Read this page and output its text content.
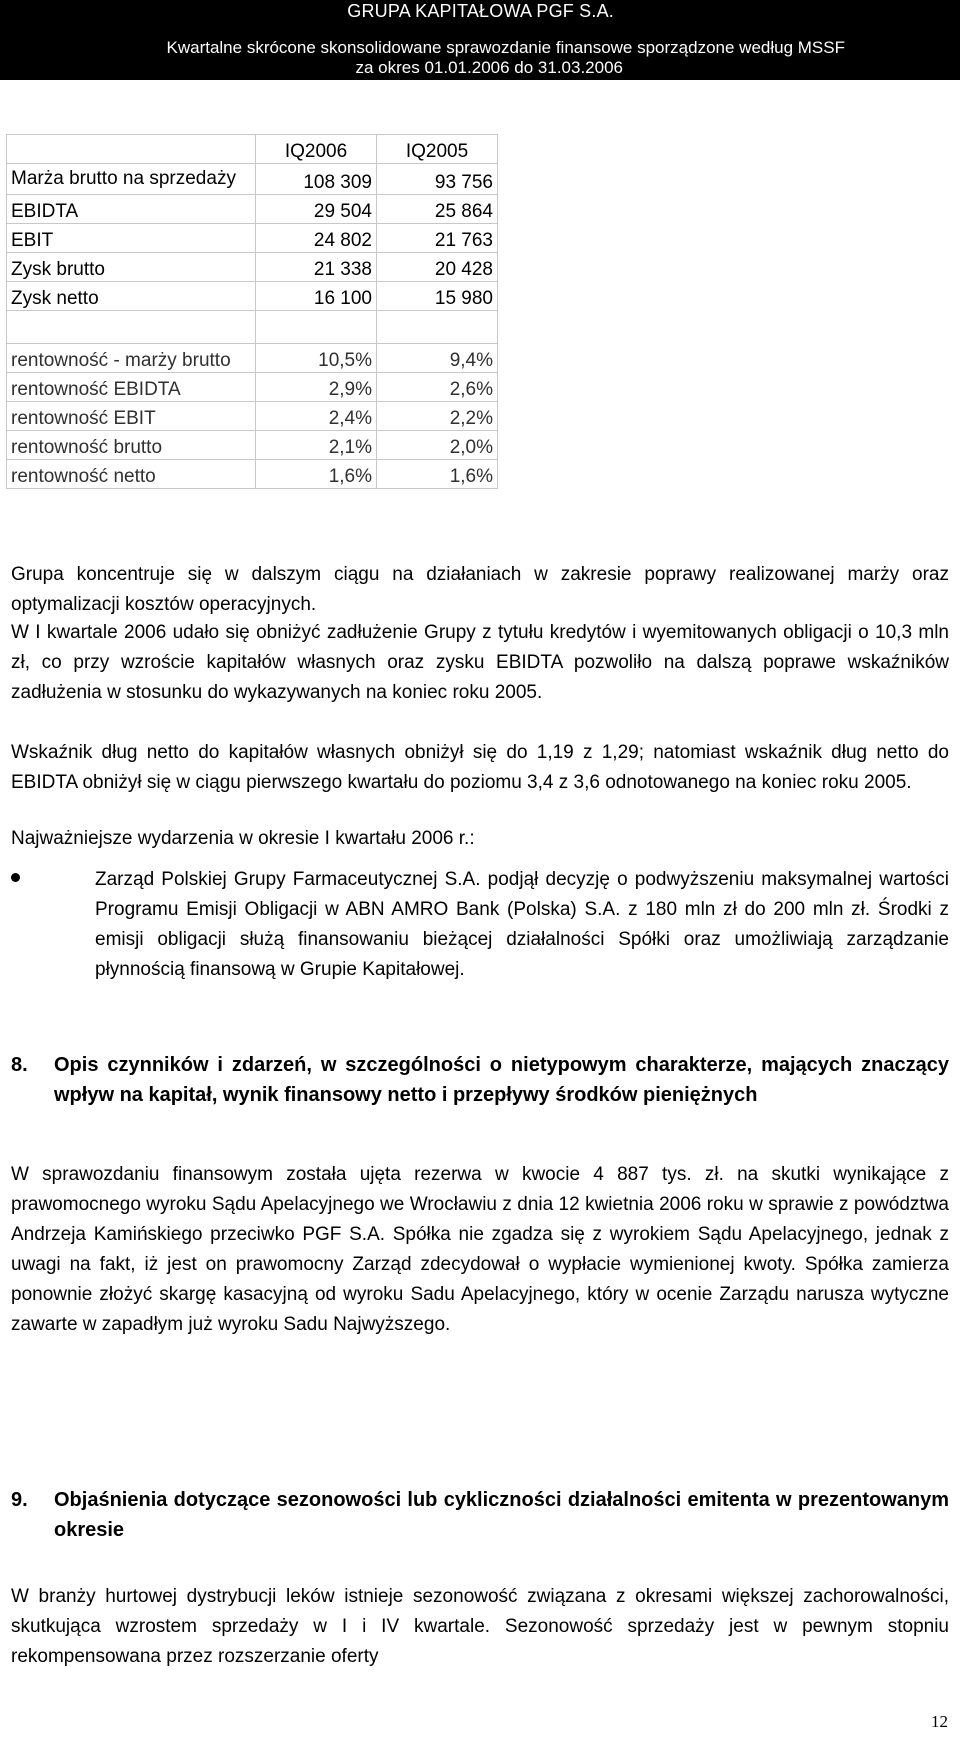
GRUPA KAPITAŁOWA PGF S.A.
Kwartalne skrócone skonsolidowane sprawozdanie finansowe sporządzone według MSSF
za okres 01.01.2006 do 31.03.2006
	IQ2006	IQ2005
Marża brutto na sprzedaży	108 309	93 756
EBIDTA	29 504	25 864
EBIT	24 802	21 763
Zysk brutto	21 338	20 428
Zysk netto	16 100	15 980

rentowność - marży brutto	10,5%	9,4%
rentowność EBIDTA	2,9%	2,6%
rentowność EBIT	2,4%	2,2%
rentowność brutto	2,1%	2,0%
rentowność netto	1,6%	1,6%
Grupa koncentruje się w dalszym ciągu na działaniach w zakresie poprawy realizowanej marży oraz optymalizacji kosztów operacyjnych.
W I kwartale 2006 udało się obniżyć zadłużenie Grupy z tytułu kredytów i wyemitowanych obligacji o 10,3 mln zł, co przy wzroście kapitałów własnych oraz zysku EBIDTA pozwoliło na dalszą poprawe wskaźników zadłużenia w stosunku do wykazywanych na koniec roku 2005.
Wskaźnik dług netto do kapitałów własnych obniżył się do 1,19 z 1,29; natomiast wskaźnik dług netto do EBIDTA obniżył się w ciągu pierwszego kwartału do poziomu 3,4 z 3,6 odnotowanego na koniec roku 2005.
Najważniejsze wydarzenia w okresie I kwartału 2006 r.:
Zarząd Polskiej Grupy Farmaceutycznej S.A. podjął decyzję o podwyższeniu maksymalnej wartości Programu Emisji Obligacji w ABN AMRO Bank (Polska) S.A. z 180 mln zł do 200 mln zł. Środki z emisji obligacji służą finansowaniu bieżącej działalności Spółki oraz umożliwiają zarządzanie płynnością finansową w Grupie Kapitałowej.
8. Opis czynników i zdarzeń, w szczególności o nietypowym charakterze, mających znaczący wpływ na kapitał, wynik finansowy netto i przepływy środków pieniężnych
W sprawozdaniu finansowym została ujęta rezerwa w kwocie 4 887 tys. zł. na skutki wynikające z prawomocnego wyroku Sądu Apelacyjnego we Wrocławiu z dnia 12 kwietnia 2006 roku w sprawie z powództwa Andrzeja Kamińskiego przeciwko PGF S.A. Spółka nie zgadza się z wyrokiem Sądu Apelacyjnego, jednak z uwagi na fakt, iż jest on prawomocny Zarząd zdecydował o wypłacie wymienionej kwoty. Spółka zamierza ponownie złożyć skargę kasacyjną od wyroku Sadu Apelacyjnego, który w ocenie Zarządu narusza wytyczne zawarte w zapadłym już wyroku Sadu Najwyższego.
9. Objaśnienia dotyczące sezonowości lub cykliczności działalności emitenta w prezentowanym okresie
W branży hurtowej dystrybucji leków istnieje sezonowość związana z okresami większej zachorowalności, skutkująca wzrostem sprzedaży w I i IV kwartale. Sezonowość sprzedaży jest w pewnym stopniu rekompensowana przez rozszerzanie oferty
12
